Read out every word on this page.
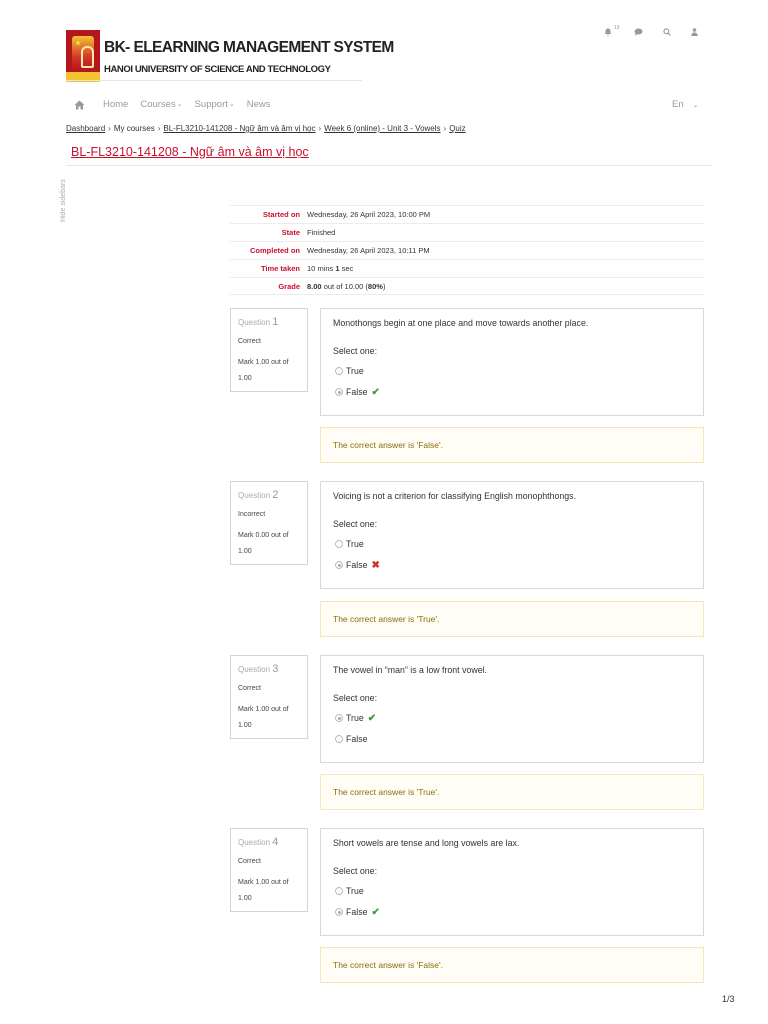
BK- ELEARNING MANAGEMENT SYSTEM
HANOI UNIVERSITY OF SCIENCE AND TECHNOLOGY
19
Home Courses ⌄ Support ⌄ News	En ⌄
Dashboard › My courses › BL-FL3210-141208 - Ngữ âm và âm vị học › Week 6 (online) - Unit 3 - Vowels › Quiz
BL-FL3210-141208 - Ngữ âm và âm vị học
Hide sidebars	Started on Wednesday, 26 April 2023, 10:00 PM
State Finished
Completed on Wednesday, 26 April 2023, 10:11 PM
Time taken 10 mins 1 sec
Grade 8.00 out of 10.00 (80%)
Question 1
Correct
Mark 1.00 out of 1.00
Monothongs begin at one place and move towards another place.
Select one:
True
False ✔
The correct answer is 'False'.
Question 2
Incorrect
Mark 0.00 out of 1.00
Voicing is not a criterion for classifying English monophthongs.
Select one:
True
False ✖
The correct answer is 'True'.
Question 3
Correct
Mark 1.00 out of 1.00
The vowel in “man” is a low front vowel.
Select one:
True ✔
False
The correct answer is 'True'.
Question 4
Correct
Mark 1.00 out of 1.00
Short vowels are tense and long vowels are lax.
Select one:
True
False ✔
The correct answer is 'False'.
1/3
